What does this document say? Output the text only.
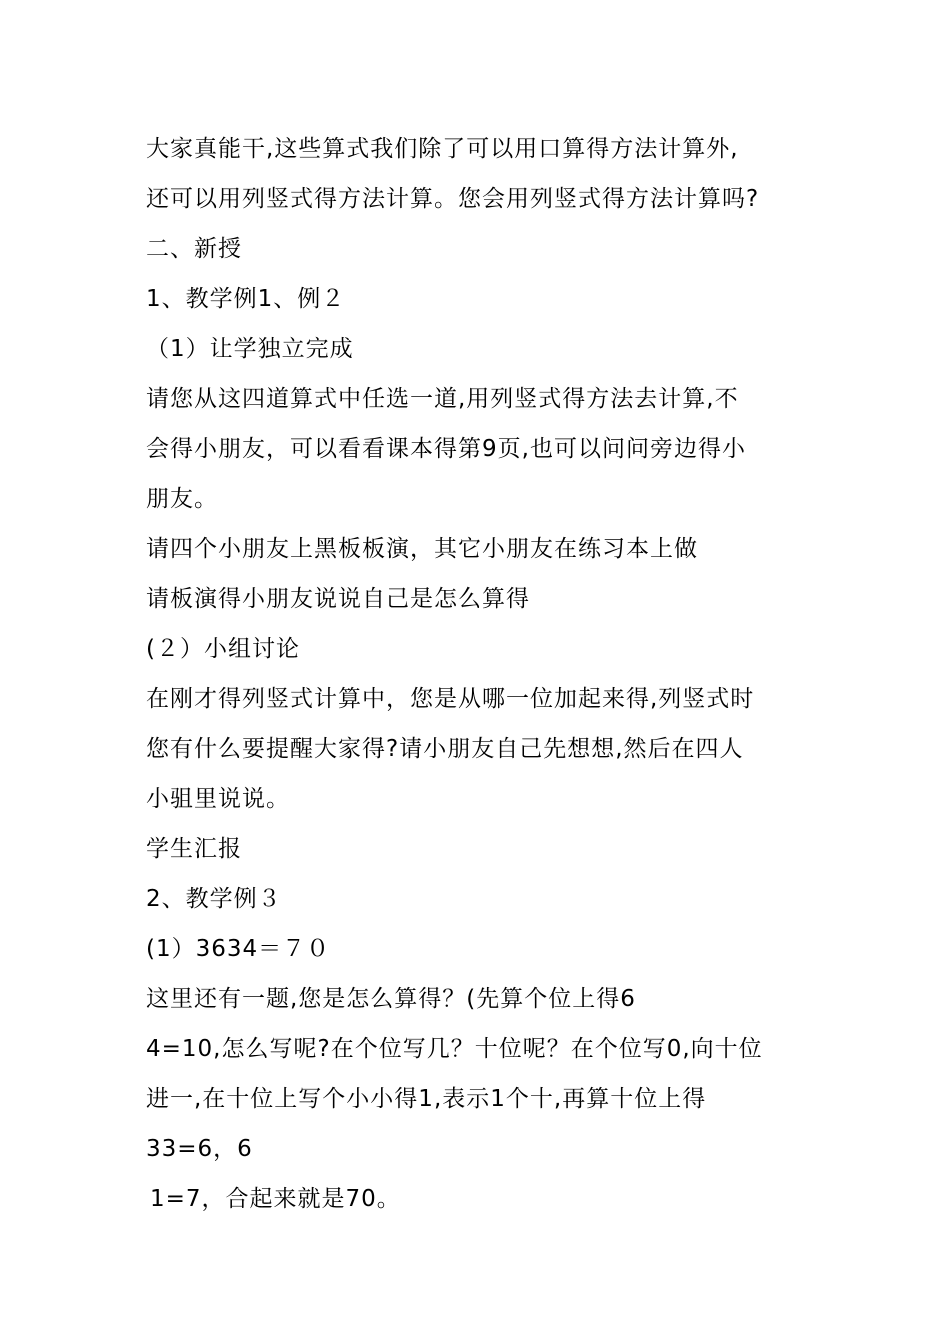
大家真能干,这些算式我们除了可以用口算得方法计算外,
还可以用列竖式得方法计算。您会用列竖式得方法计算吗?
二、新授
1、教学例1、例２
（1）让学独立完成
请您从这四道算式中任选一道,用列竖式得方法去计算,不
会得小朋友，可以看看课本得第9页,也可以问问旁边得小
朋友。
请四个小朋友上黑板板演，其它小朋友在练习本上做
请板演得小朋友说说自己是怎么算得
(２）小组讨论
在刚才得列竖式计算中，您是从哪一位加起来得,列竖式时
您有什么要提醒大家得?请小朋友自己先想想,然后在四人
小驵里说说。
学生汇报
2、教学例３
(1）3634＝７０
这里还有一题,您是怎么算得？(先算个位上得6
4=10,怎么写呢?在个位写几？十位呢？在个位写0,向十位
进一,在十位上写个小小得1,表示1个十,再算十位上得
33=6，6
1=7，合起来就是70。
